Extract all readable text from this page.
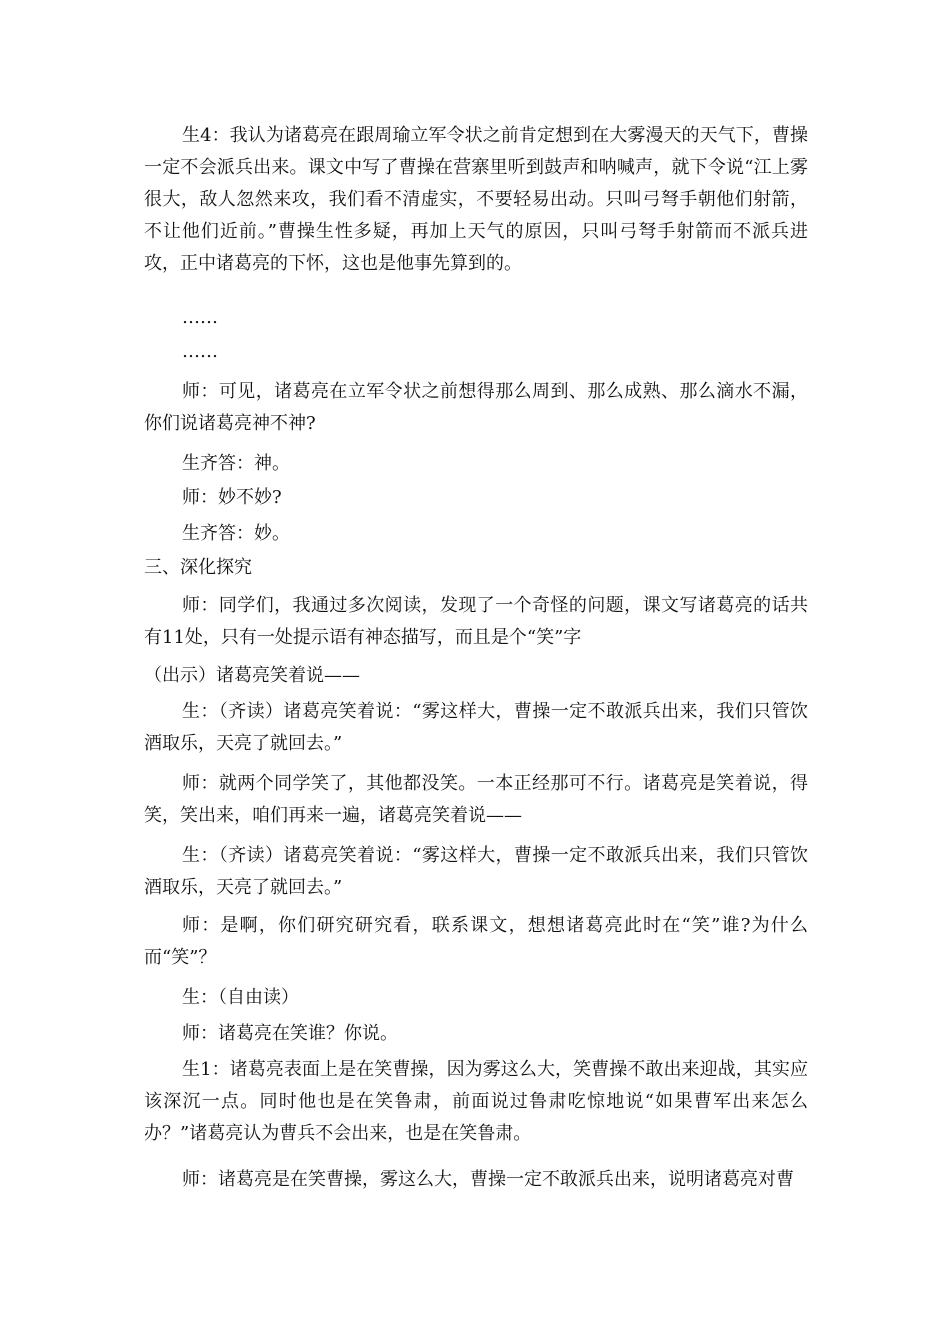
生4：我认为诸葛亮在跟周瑜立军令状之前肯定想到在大雾漫天的天气下，曹操一定不会派兵出来。课文中写了曹操在营寨里听到鼓声和呐喊声，就下令说“江上雾很大，敌人忽然来攻，我们看不清虚实，不要轻易出动。只叫弓弩手朝他们射箭，不让他们近前。”曹操生性多疑，再加上天气的原因，只叫弓弩手射箭而不派兵进攻，正中诸葛亮的下怀，这也是他事先算到的。

……

……

师：可见，诸葛亮在立军令状之前想得那么周到、那么成熟、那么滴水不漏，你们说诸葛亮神不神?

生齐答：神。

师：妙不妙?

生齐答：妙。

三、深化探究

师：同学们，我通过多次阅读，发现了一个奇怪的问题，课文写诸葛亮的话共有11处，只有一处提示语有神态描写，而且是个“笑”字

（出示）诸葛亮笑着说——

生：（齐读）诸葛亮笑着说：“雾这样大，曹操一定不敢派兵出来，我们只管饮酒取乐，天亮了就回去。”

师：就两个同学笑了，其他都没笑。一本正经那可不行。诸葛亮是笑着说，得笑，笑出来，咱们再来一遍，诸葛亮笑着说——

生：（齐读）诸葛亮笑着说：“雾这样大，曹操一定不敢派兵出来，我们只管饮酒取乐，天亮了就回去。”

师：是啊，你们研究研究看，联系课文，想想诸葛亮此时在“笑”谁?为什么而“笑”？

生：（自由读）

师：诸葛亮在笑谁？你说。

生1：诸葛亮表面上是在笑曹操，因为雾这么大，笑曹操不敢出来迎战，其实应该深沉一点。同时他也是在笑鲁肃，前面说过鲁肃吃惊地说“如果曹军出来怎么办？”诸葛亮认为曹兵不会出来，也是在笑鲁肃。

师：诸葛亮是在笑曹操，雾这么大，曹操一定不敢派兵出来，说明诸葛亮对曹
